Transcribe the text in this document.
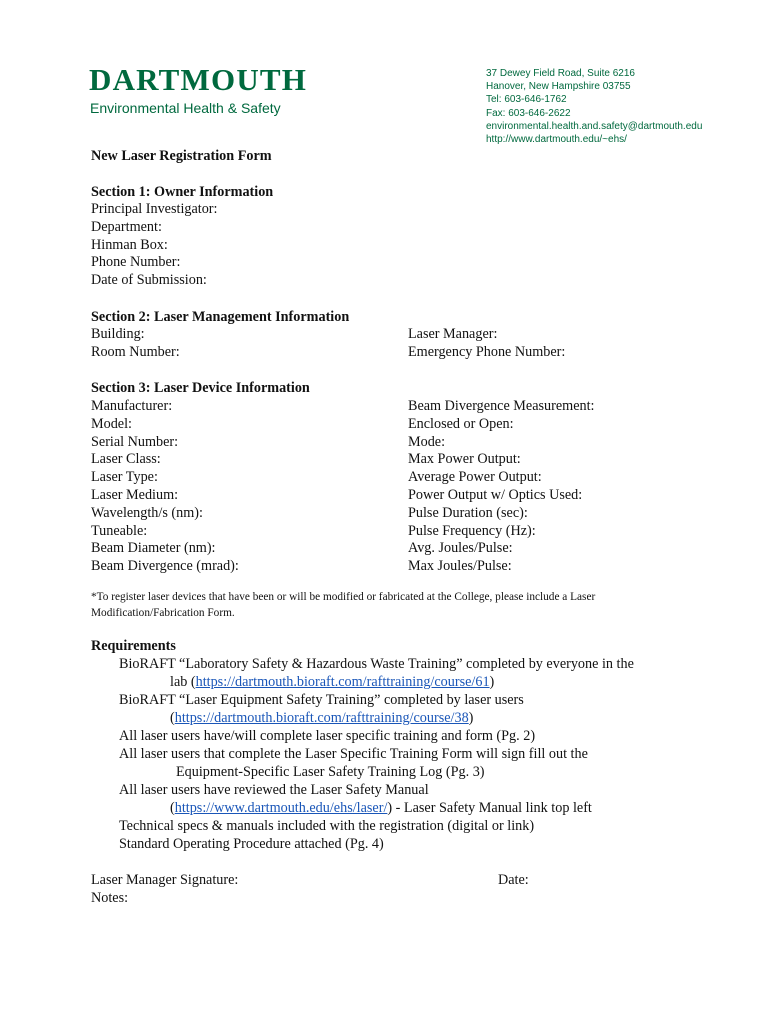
DARTMOUTH
Environmental Health & Safety
37 Dewey Field Road, Suite 6216
Hanover, New Hampshire 03755
Tel: 603-646-1762
Fax: 603-646-2622
environmental.health.and.safety@dartmouth.edu
http://www.dartmouth.edu/~ehs/
New Laser Registration Form
Section 1: Owner Information
Principal Investigator:
Department:
Hinman Box:
Phone Number:
Date of Submission:
Section 2: Laser Management Information
Building:
Room Number:
Laser Manager:
Emergency Phone Number:
Section 3: Laser Device Information
Manufacturer:
Model:
Serial Number:
Laser Class:
Laser Type:
Laser Medium:
Wavelength/s (nm):
Tuneable:
Beam Diameter (nm):
Beam Divergence (mrad):
Beam Divergence Measurement:
Enclosed or Open:
Mode:
Max Power Output:
Average Power Output:
Power Output w/ Optics Used:
Pulse Duration (sec):
Pulse Frequency (Hz):
Avg. Joules/Pulse:
Max Joules/Pulse:
*To register laser devices that have been or will be modified or fabricated at the College, please include a Laser
Modification/Fabrication Form.
Requirements
BioRAFT “Laboratory Safety & Hazardous Waste Training” completed by everyone in the
lab (https://dartmouth.bioraft.com/rafttraining/course/61)
BioRAFT “Laser Equipment Safety Training” completed by laser users
(https://dartmouth.bioraft.com/rafttraining/course/38)
All laser users have/will complete laser specific training and form (Pg. 2)
All laser users that complete the Laser Specific Training Form will sign fill out the
Equipment-Specific Laser Safety Training Log (Pg. 3)
All laser users have reviewed the Laser Safety Manual
(https://www.dartmouth.edu/ehs/laser/) - Laser Safety Manual link top left
Technical specs & manuals included with the registration (digital or link)
Standard Operating Procedure attached (Pg. 4)
Laser Manager Signature:	Date:
Notes:
